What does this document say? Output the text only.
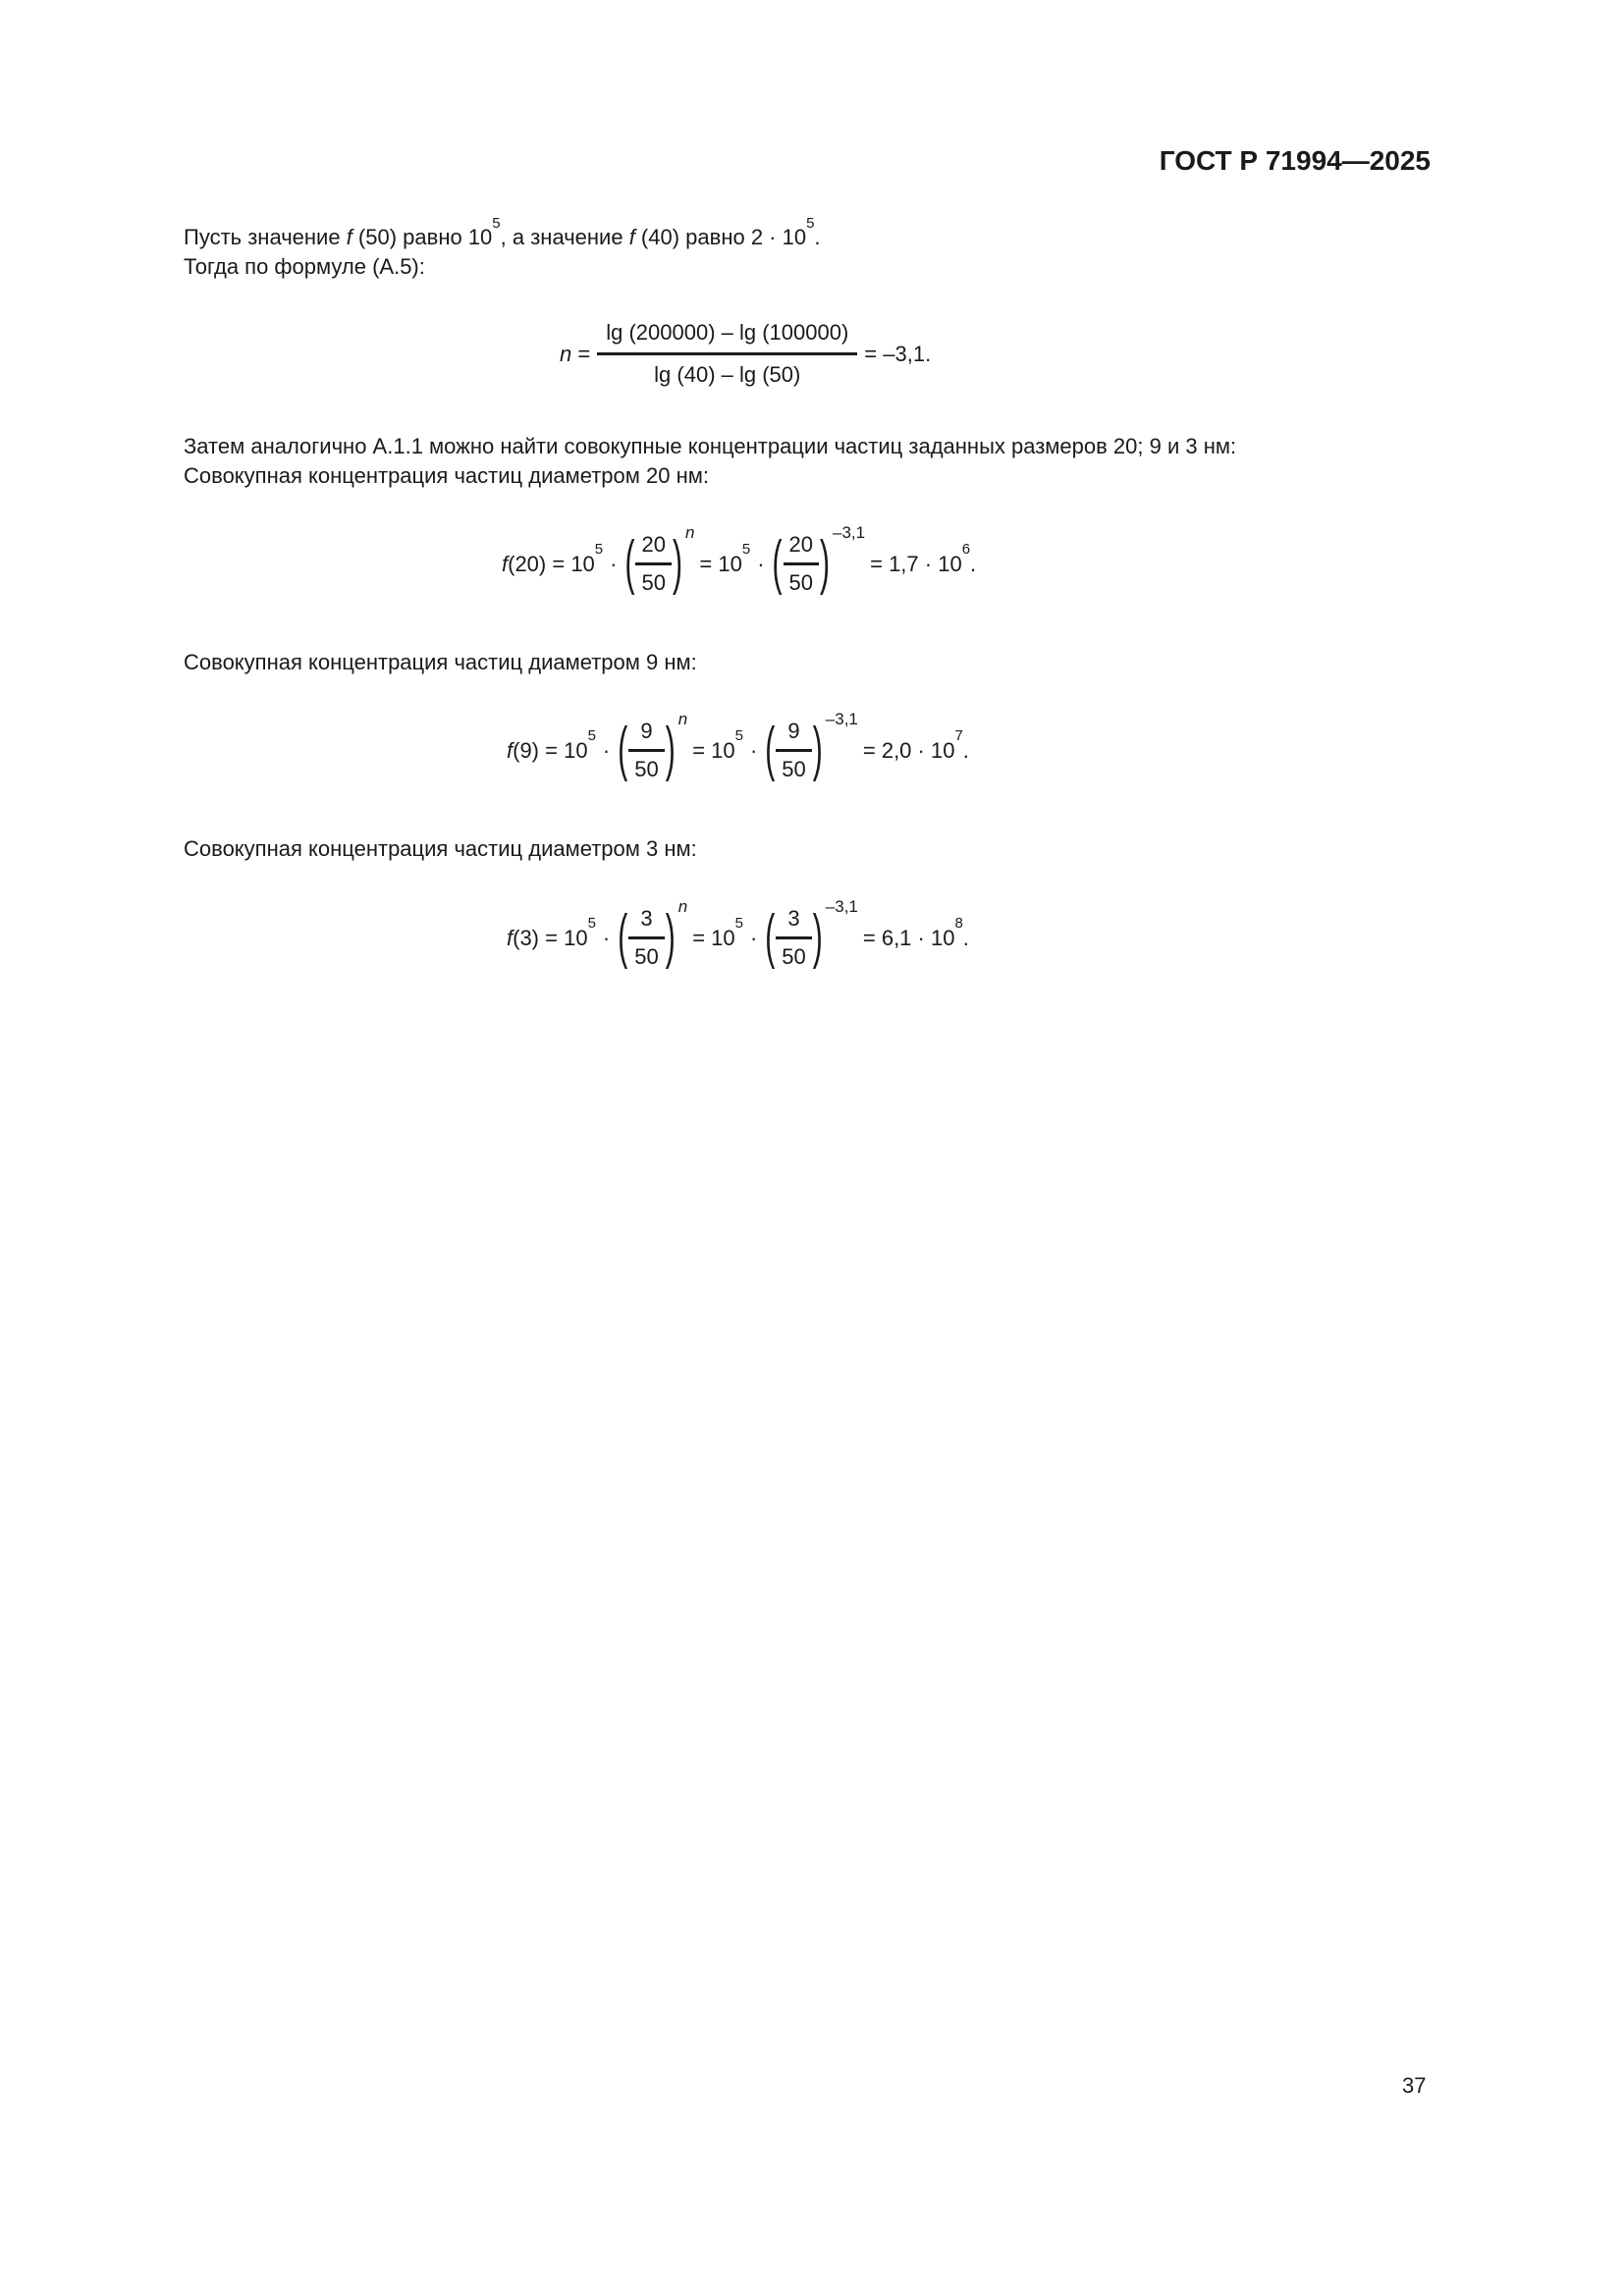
ГОСТ Р 71994—2025
Пусть значение f (50) равно $10^5$, а значение f (40) равно $2 \cdot 10^5$.
Тогда по формуле (А.5):
$n = \frac{\lg (200000) - \lg (100000)}{\lg (40) - \lg (50)} = -3,1$.
Затем аналогично А.1.1 можно найти совокупные концентрации частиц заданных размеров 20; 9 и 3 нм:
Совокупная концентрация частиц диаметром 20 нм:
$f(20) = 10^5$
· ( $\frac{20}{50}$ ) n
= $10^5$
· ( $\frac{20}{50}$ ) –3,1
= $1,7 \cdot 10^6$.
Совокупная концентрация частиц диаметром 9 нм:
$f(9) = 10^5$
· ( $\frac{9}{50}$ ) n
= $10^5$
· ( $\frac{9}{50}$ ) –3,1
= $2,0 \cdot 10^7$.
Совокупная концентрация частиц диаметром 3 нм:
$f(3) = 10^5$
· ( $\frac{3}{50}$ ) n
= $10^5$
· ( $\frac{3}{50}$ ) –3,1
= $6,1 \cdot 10^8$.
37
